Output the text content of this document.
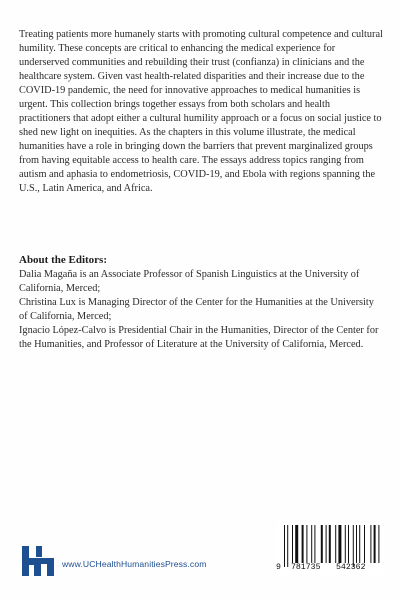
Treating patients more humanely starts with promoting cultural competence and cultural humility. These concepts are critical to enhancing the medical experience for underserved communities and rebuilding their trust (confianza) in clinicians and the healthcare system. Given vast health-related disparities and their increase due to the COVID-19 pandemic, the need for innovative approaches to medical humanities is urgent. This collection brings together essays from both scholars and health practitioners that adopt either a cultural humility approach or a focus on social justice to shed new light on inequities. As the chapters in this volume illustrate, the medical humanities have a role in bringing down the barriers that prevent marginalized groups from having equitable access to health care. The essays address topics ranging from autism and aphasia to endometriosis, COVID-19, and Ebola with regions spanning the U.S., Latin America, and Africa.

About the Editors:

Dalia Magaña is an Associate Professor of Spanish Linguistics at the University of California, Merced;
Christina Lux is Managing Director of the Center for the Humanities at the University of California, Merced;
Ignacio López-Calvo is Presidential Chair in the Humanities, Director of the Center for the Humanities, and Professor of Literature at the University of California, Merced.
www.UCHealthHumanitiesPress.com	9 781735 542362
